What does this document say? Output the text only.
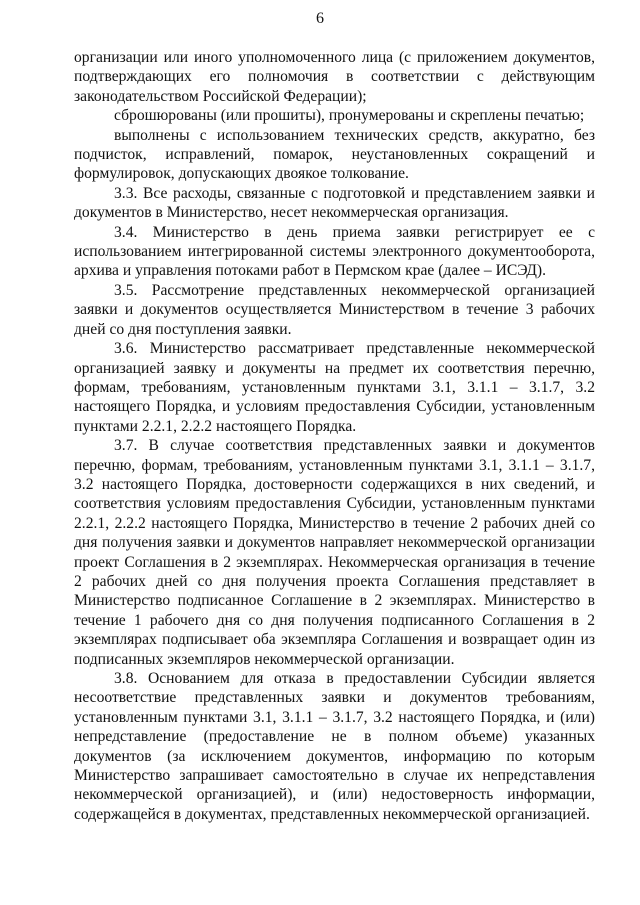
6

организации или иного уполномоченного лица (с приложением документов, подтверждающих его полномочия в соответствии с действующим законодательством Российской Федерации);

сброшюрованы (или прошиты), пронумерованы и скреплены печатью;

выполнены с использованием технических средств, аккуратно, без подчисток, исправлений, помарок, неустановленных сокращений и формулировок, допускающих двоякое толкование.

3.3. Все расходы, связанные с подготовкой и представлением заявки и документов в Министерство, несет некоммерческая организация.

3.4. Министерство в день приема заявки регистрирует ее с использованием интегрированной системы электронного документооборота, архива и управления потоками работ в Пермском крае (далее – ИСЭД).

3.5. Рассмотрение представленных некоммерческой организацией заявки и документов осуществляется Министерством в течение 3 рабочих дней со дня поступления заявки.

3.6. Министерство рассматривает представленные некоммерческой организацией заявку и документы на предмет их соответствия перечню, формам, требованиям, установленным пунктами 3.1, 3.1.1 – 3.1.7, 3.2 настоящего Порядка, и условиям предоставления Субсидии, установленным пунктами 2.2.1, 2.2.2 настоящего Порядка.

3.7. В случае соответствия представленных заявки и документов перечню, формам, требованиям, установленным пунктами 3.1, 3.1.1 – 3.1.7, 3.2 настоящего Порядка, достоверности содержащихся в них сведений, и соответствия условиям предоставления Субсидии, установленным пунктами 2.2.1, 2.2.2 настоящего Порядка, Министерство в течение 2 рабочих дней со дня получения заявки и документов направляет некоммерческой организации проект Соглашения в 2 экземплярах. Некоммерческая организация в течение 2 рабочих дней со дня получения проекта Соглашения представляет в Министерство подписанное Соглашение в 2 экземплярах. Министерство в течение 1 рабочего дня со дня получения подписанного Соглашения в 2 экземплярах подписывает оба экземпляра Соглашения и возвращает один из подписанных экземпляров некоммерческой организации.

3.8. Основанием для отказа в предоставлении Субсидии является несоответствие представленных заявки и документов требованиям, установленным пунктами 3.1, 3.1.1 – 3.1.7, 3.2 настоящего Порядка, и (или) непредставление (предоставление не в полном объеме) указанных документов (за исключением документов, информацию по которым Министерство запрашивает самостоятельно в случае их непредставления некоммерческой организацией), и (или) недостоверность информации, содержащейся в документах, представленных некоммерческой организацией.
